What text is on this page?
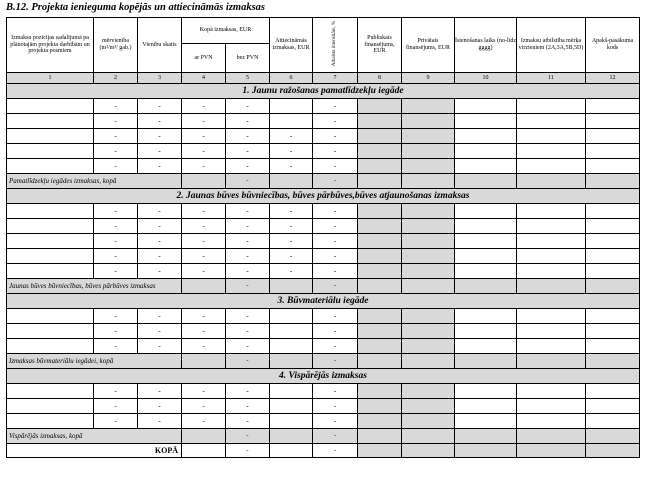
B.12. Projekta ienieguma kopējās un attiecināmās izmaksas
Izmaksu pozīcijas sadalījumā pa plānotajām projekta darbībām un projekta posmiem	mērvienība (m²/m³/ gab.)	Vienību skaits	Kopā izmaksas, EUR		Attiecināmās izmaksas, EUR	Atbalsta intensitāte, %	Publiskais finansējums, EUR	Privātais finansējums, EUR	Īstenošanas laiks (no-līdz gggg)	Izmaksu atbilstība mērķa virzieniem (2A,3A,5B,5D)	Apakš-pasākuma kods
			ar PVN	bez PVN							
1	2	3	4	5	6	7	8	9	10	11	12
1. Jaunu ražošanas pamatlīdzekļu iegāde											
	-	-	-	-		-					
	-	-	-	-		-					
	-	-	-	-	-	-					
	-	-	-	-	-	-					
	-	-	-	-	-	-					
Pamatlīdzekļu iegādes izmaksas, kopā				-		-					
2. Jaunas būves būvniecības, būves pārbūves,būves atjaunošanas izmaksas											
	-	-	-	-	-	-					
	-	-	-	-	-	-					
	-	-	-	-	-	-					
	-	-	-	-	-	-					
	-	-	-	-	-	-					
Jaunas būves būvniecības, būves pārbūves izmaksas				-		-					
3. Būvmateriālu iegāde											
	-	-	-	-		-					
	-	-	-	-		-					
	-	-	-	-		-					
Izmaksas būvmateriālu iegādei, kopā				-		-					
4. Vispārējās izmaksas											
	-	-	-	-		-					
	-	-	-	-		-					
	-	-	-	-		-					
Vispārējās izmaksas, kopā				-		-					
KOPĀ				-		-					
